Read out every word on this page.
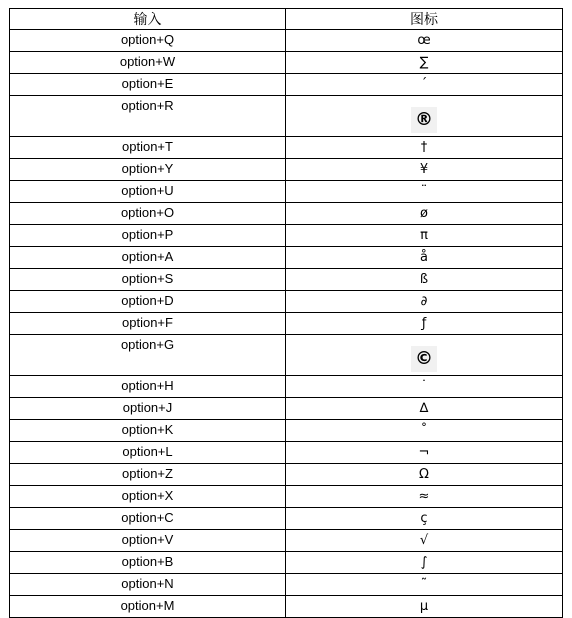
输入	图标
option+Q	œ
option+W	∑
option+E	´
option+R	®
option+T	†
option+Y	¥
option+U	¨
option+O	ø
option+P	π
option+A	å
option+S	ß
option+D	∂
option+F	ƒ
option+G	©
option+H	˙
option+J	∆
option+K	˚
option+L	¬
option+Z	Ω
option+X	≈
option+C	ç
option+V	√
option+B	∫
option+N	˜
option+M	µ
